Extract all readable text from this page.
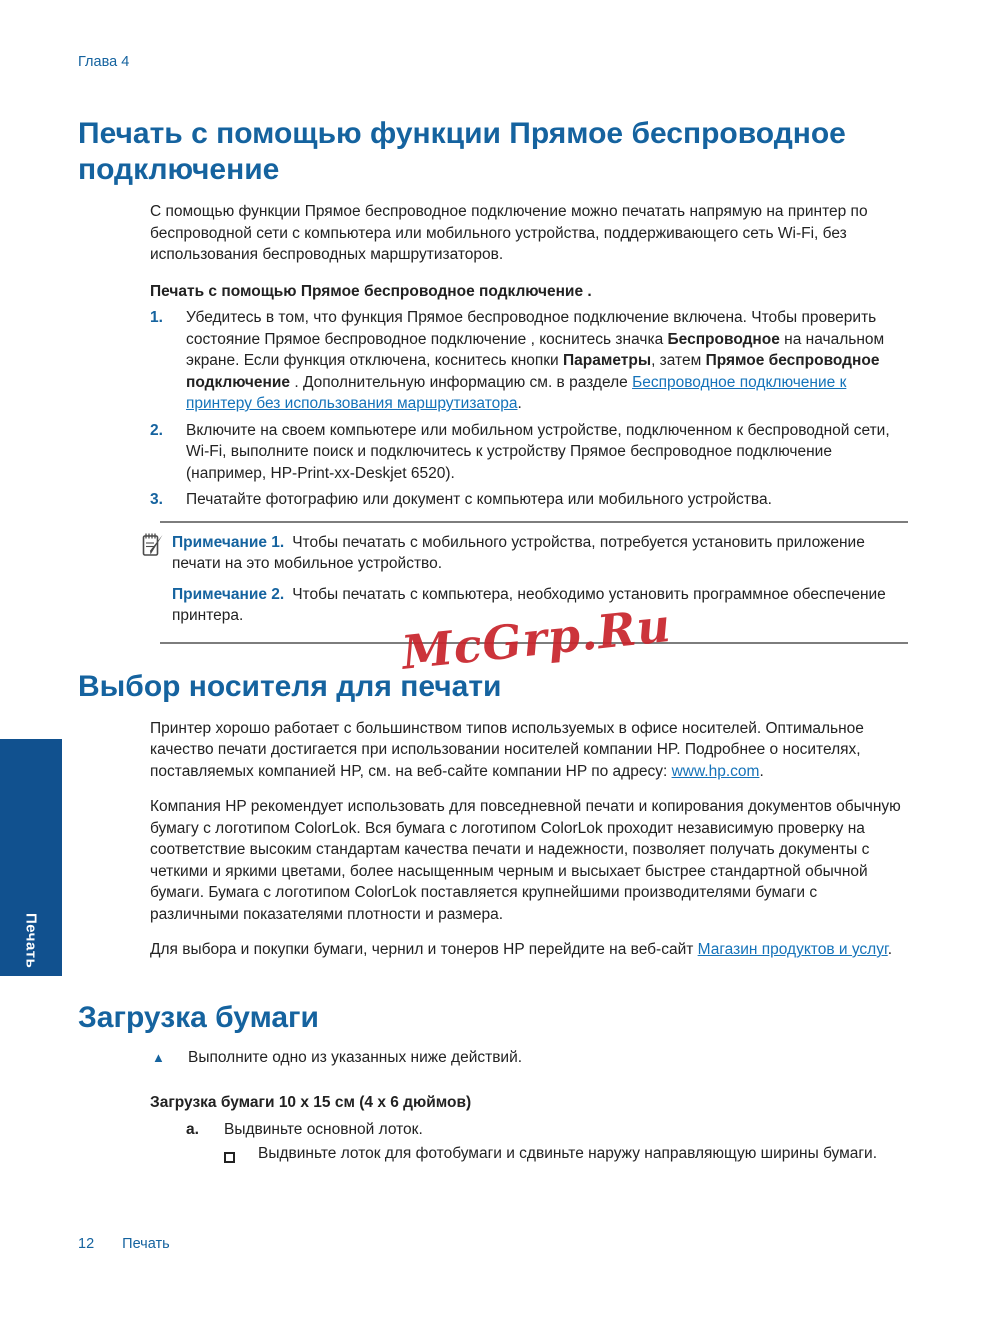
Глава 4
Печать с помощью функции Прямое беспроводное подключение

С помощью функции Прямое беспроводное подключение можно печатать напрямую на принтер по беспроводной сети с компьютера или мобильного устройства, поддерживающего сеть Wi-Fi, без использования беспроводных маршрутизаторов.

Печать с помощью Прямое беспроводное подключение .

1.	Убедитесь в том, что функция Прямое беспроводное подключение включена. Чтобы проверить состояние Прямое беспроводное подключение , коснитесь значка Беспроводное на начальном экране. Если функция отключена, коснитесь кнопки Параметры, затем Прямое беспроводное подключение . Дополнительную информацию см. в разделе Беспроводное подключение к принтеру без использования маршрутизатора.
2.	Включите на своем компьютере или мобильном устройстве, подключенном к беспроводной сети, Wi-Fi, выполните поиск и подключитесь к устройству Прямое беспроводное подключение (например, HP-Print-xx-Deskjet 6520).
3.	Печатайте фотографию или документ с компьютера или мобильного устройства.
Примечание 1. Чтобы печатать с мобильного устройства, потребуется установить приложение печати на это мобильное устройство.
Примечание 2. Чтобы печатать с компьютера, необходимо установить программное обеспечение принтера.
Выбор носителя для печати

Принтер хорошо работает с большинством типов используемых в офисе носителей. Оптимальное качество печати достигается при использовании носителей компании HP. Подробнее о носителях, поставляемых компанией HP, см. на веб-сайте компании HP по адресу: www.hp.com.

Компания HP рекомендует использовать для повседневной печати и копирования документов обычную бумагу с логотипом ColorLok. Вся бумага с логотипом ColorLok проходит независимую проверку на соответствие высоким стандартам качества печати и надежности, позволяет получать документы с четкими и яркими цветами, более насыщенным черным и высыхает быстрее стандартной обычной бумаги. Бумага с логотипом ColorLok поставляется крупнейшими производителями бумаги с различными показателями плотности и размера.

Для выбора и покупки бумаги, чернил и тонеров HP перейдите на веб-сайт Магазин продуктов и услуг.

Загрузка бумаги
▲	Выполните одно из указанных ниже действий.

Загрузка бумаги 10 x 15 см (4 x 6 дюймов)

a.	Выдвиньте основной лоток.
Выдвиньте лоток для фотобумаги и сдвиньте наружу направляющую ширины бумаги.
12 Печать
Печать
McGrp.Ru
